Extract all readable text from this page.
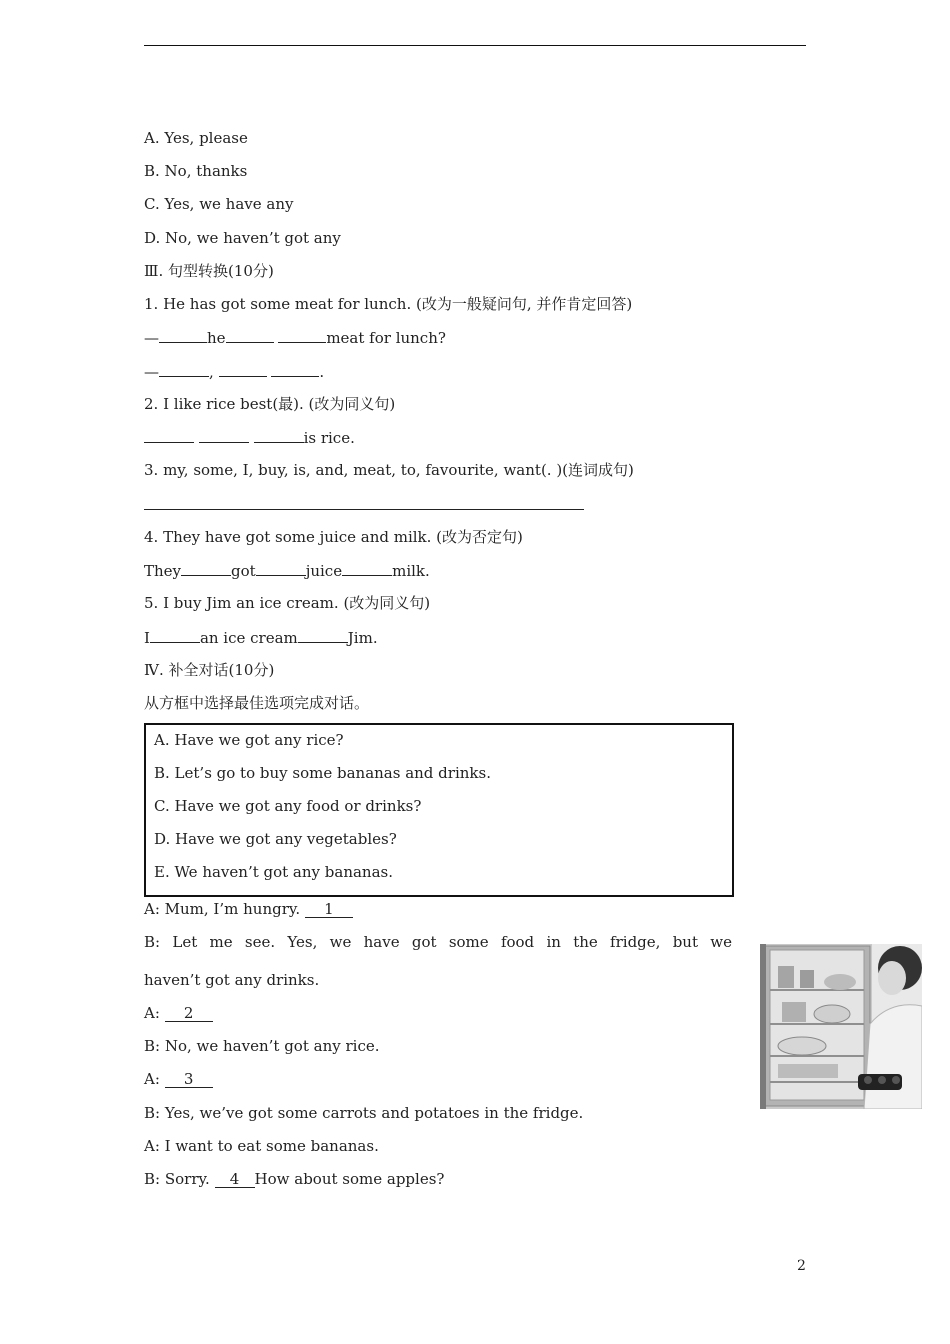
A. Yes, please
B. No, thanks
C. Yes, we have any
D. No, we haven’t got any
Ⅲ. 句型转换(10分)
1. He has got some meat for lunch. (改为一般疑问句, 并作肯定回答)
—	he	meat for lunch?
—	,	.
2. I like rice best(最). (改为同义句)
is rice.
3. my, some, I, buy, is, and, meat, to, favourite, want(. )(连词成句)
4. They have got some juice and milk. (改为否定句)
They	got	juice	milk.
5. I buy Jim an ice cream. (改为同义句)
I	an ice cream	Jim.
Ⅳ. 补全对话(10分)
从方框中选择最佳选项完成对话。
A. Have we got any rice?
B. Let’s go to buy some bananas and drinks.
C. Have we got any food or drinks?
D. Have we got any vegetables?
E. We haven’t got any bananas.
A: Mum, I’m hungry. 1
B: Let me see. Yes, we have got some food in the fridge, but we
haven’t got any drinks.
A: 2
B: No, we haven’t got any rice.
A: 3
B: Yes, we’ve got some carrots and potatoes in the fridge.
A: I want to eat some bananas.
B: Sorry. 4 How about some apples?
2
